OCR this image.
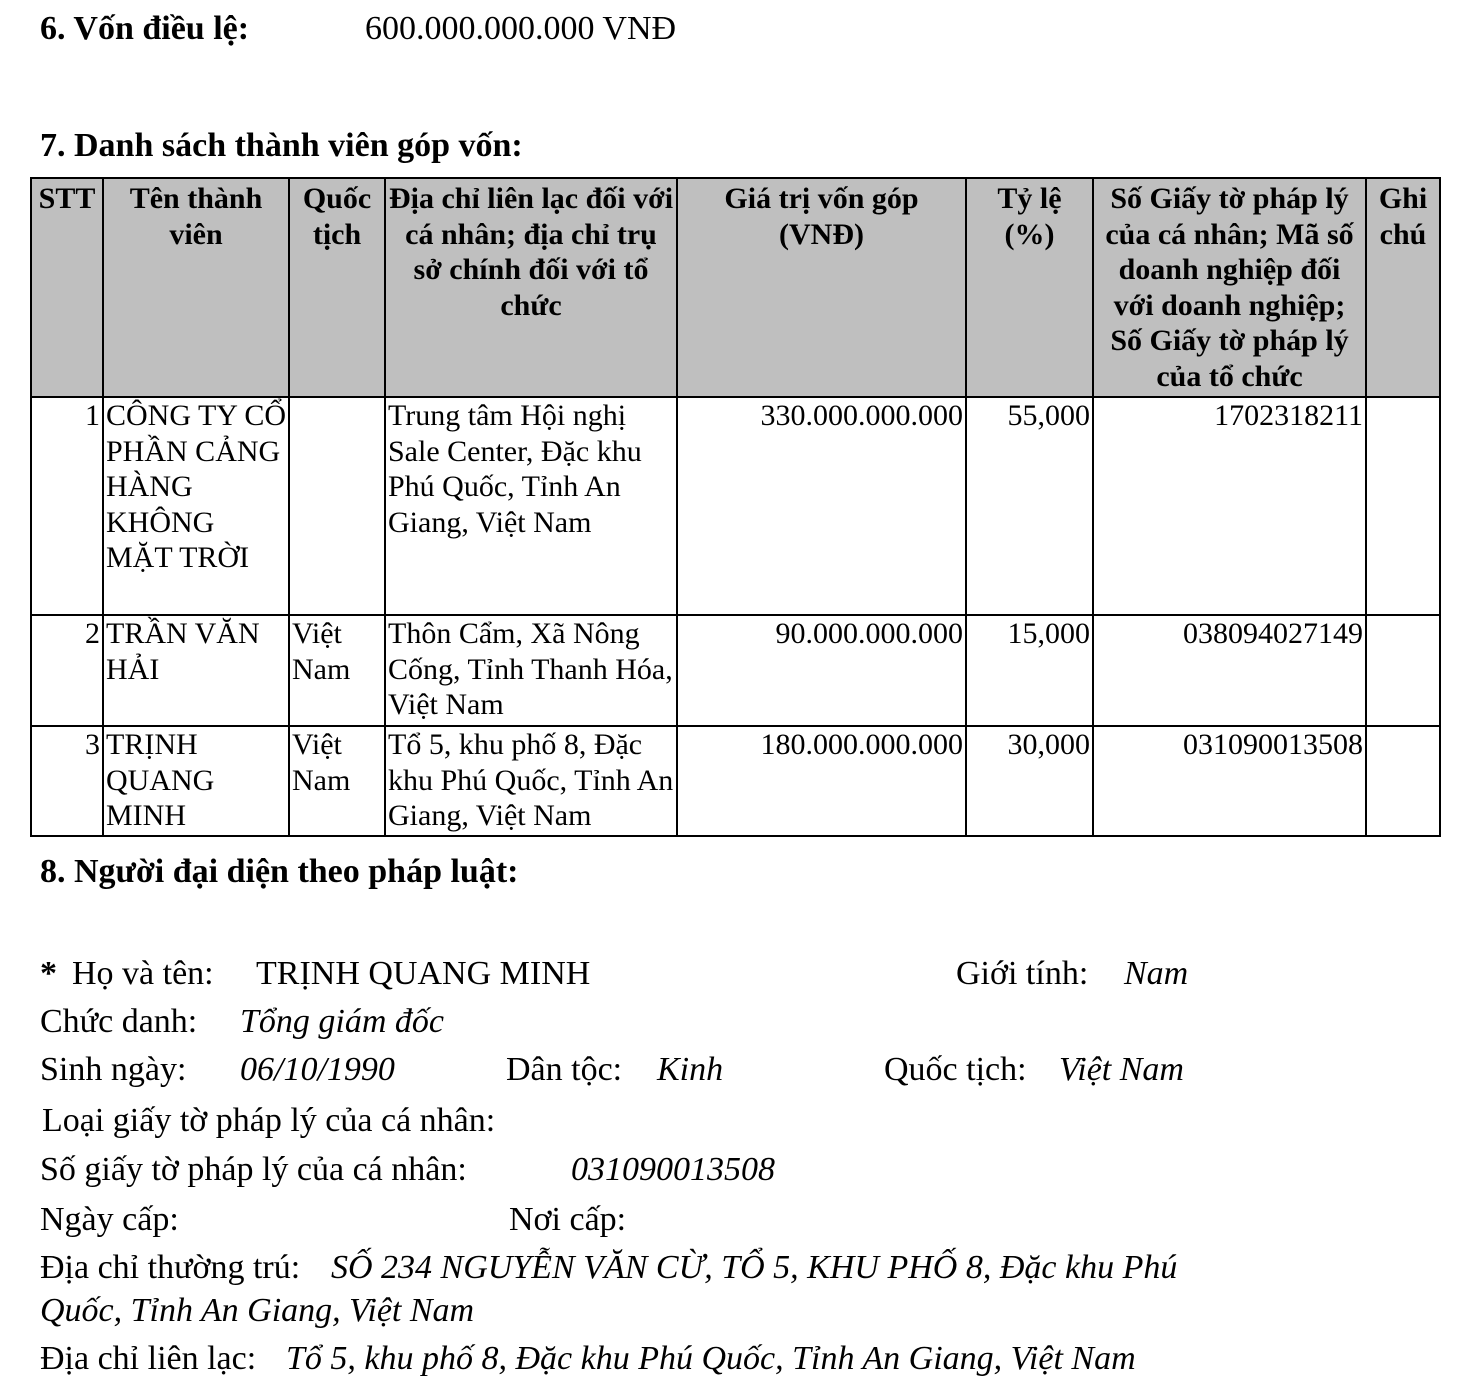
6. Vốn điều lệ:	600.000.000.000 VNĐ
7. Danh sách thành viên góp vốn:
STT	Tên thành viên	Quốc tịch	Địa chỉ liên lạc đối với cá nhân; địa chỉ trụ sở chính đối với tổ chức	Giá trị vốn góp (VNĐ)	Tỷ lệ (%)	Số Giấy tờ pháp lý của cá nhân; Mã số doanh nghiệp đối với doanh nghiệp; Số Giấy tờ pháp lý của tổ chức	Ghi chú
1	CÔNG TY CỔ PHẦN CẢNG HÀNG KHÔNG MẶT TRỜI		Trung tâm Hội nghị Sale Center, Đặc khu Phú Quốc, Tỉnh An Giang, Việt Nam	330.000.000.000	55,000	1702318211	
2	TRẦN VĂN HẢI	Việt Nam	Thôn Cẩm, Xã Nông Cống, Tỉnh Thanh Hóa, Việt Nam	90.000.000.000	15,000	038094027149	
3	TRỊNH QUANG MINH	Việt Nam	Tổ 5, khu phố 8, Đặc khu Phú Quốc, Tỉnh An Giang, Việt Nam	180.000.000.000	30,000	031090013508	
8. Người đại diện theo pháp luật:
* Họ và tên: TRỊNH QUANG MINH	Giới tính: Nam
Chức danh: Tổng giám đốc
Sinh ngày: 06/10/1990	Dân tộc: Kinh	Quốc tịch: Việt Nam
Loại giấy tờ pháp lý của cá nhân:
Số giấy tờ pháp lý của cá nhân:	031090013508
Ngày cấp:	Nơi cấp:
Địa chỉ thường trú: SỐ 234 NGUYỄN VĂN CỪ, TỔ 5, KHU PHỐ 8, Đặc khu Phú
Quốc, Tỉnh An Giang, Việt Nam
Địa chỉ liên lạc: Tổ 5, khu phố 8, Đặc khu Phú Quốc, Tỉnh An Giang, Việt Nam
